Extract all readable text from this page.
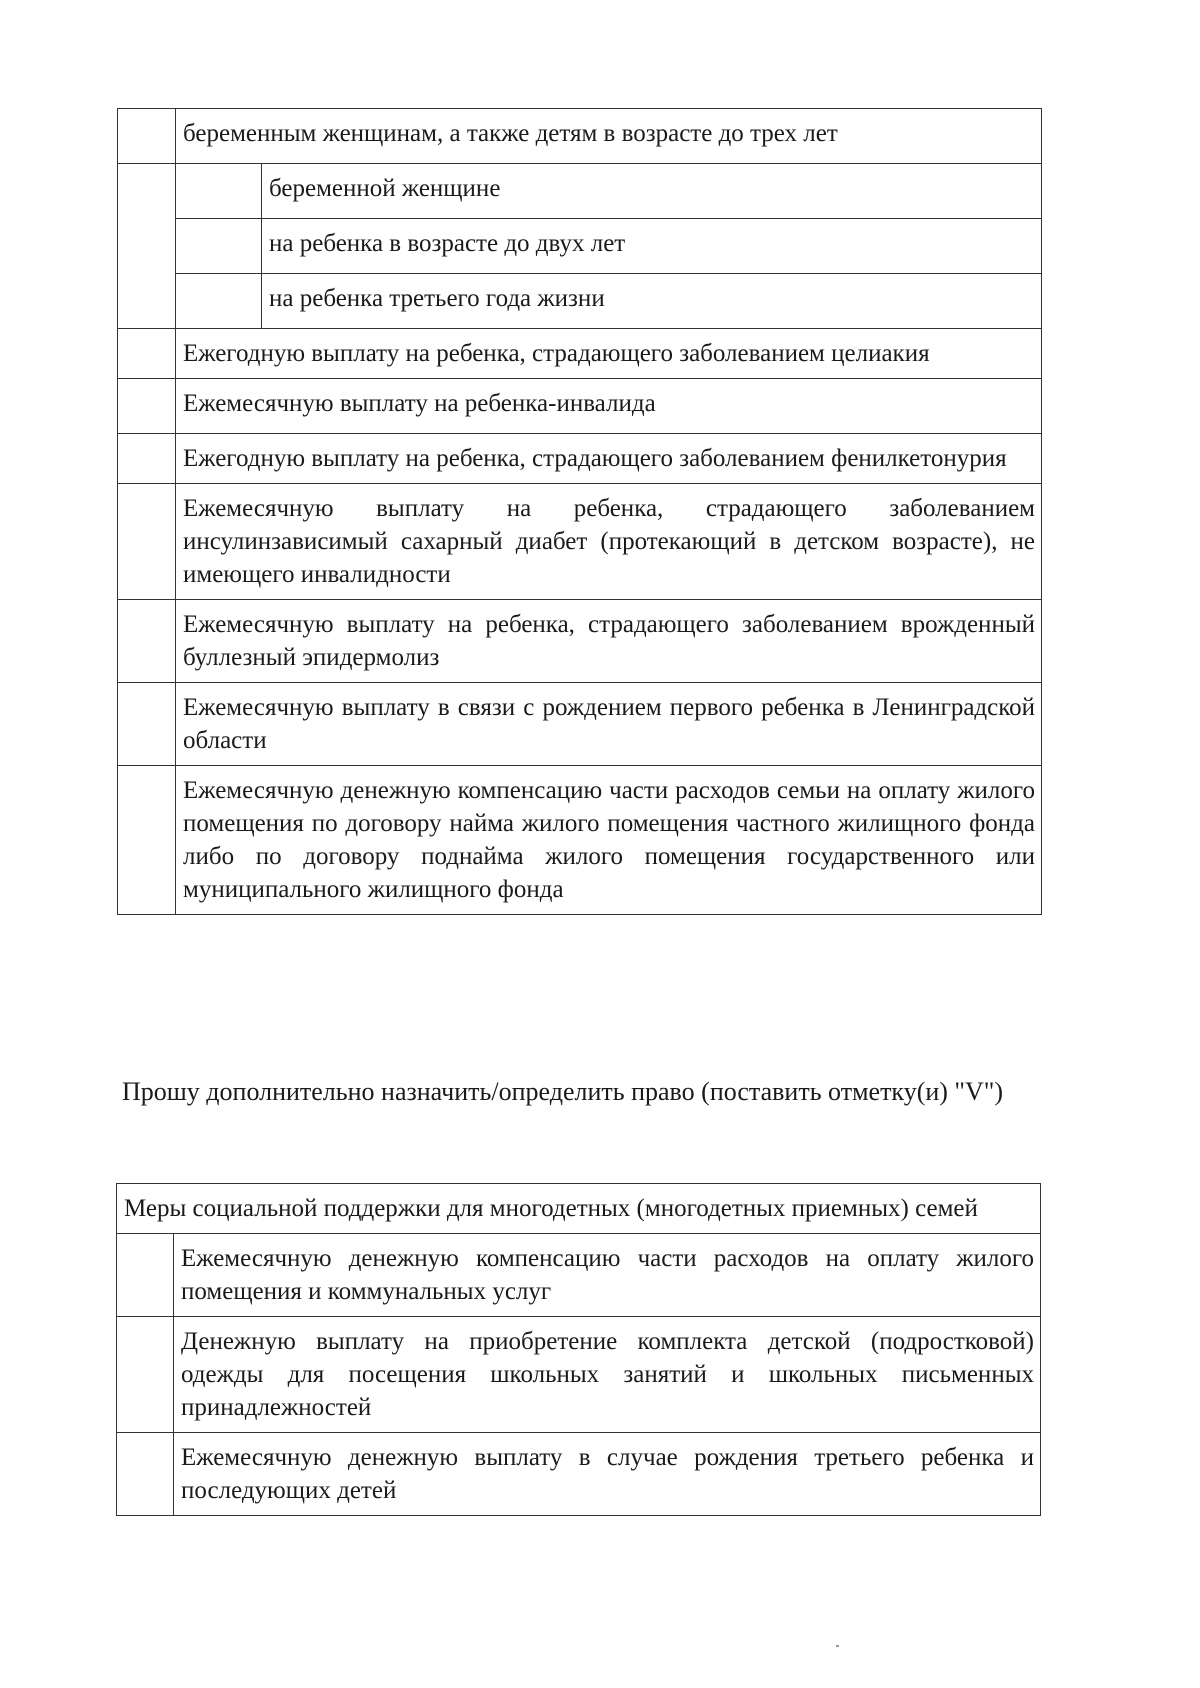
	беременным женщинам, а также детям в возрасте до трех лет	
		беременной женщине
		на ребенка в возрасте до двух лет
		на ребенка третьего года жизни
	Ежегодную выплату на ребенка, страдающего заболеванием целиакия	
	Ежемесячную выплату на ребенка-инвалида	
	Ежегодную выплату на ребенка, страдающего заболеванием фенилкетонурия	
	Ежемесячную выплату на ребенка, страдающего заболеванием инсулинзависимый сахарный диабет (протекающий в детском возрасте), не имеющего инвалидности	
	Ежемесячную выплату на ребенка, страдающего заболеванием врожденный буллезный эпидермолиз	
	Ежемесячную выплату в связи с рождением первого ребенка в Ленинградской области	
	Ежемесячную денежную компенсацию части расходов семьи на оплату жилого помещения по договору найма жилого помещения частного жилищного фонда либо по договору поднайма жилого помещения государственного или муниципального жилищного фонда	

Прошу дополнительно назначить/определить право (поставить отметку(и) "V")

Меры социальной поддержки для многодетных (многодетных приемных) семей	
	Ежемесячную денежную компенсацию части расходов на оплату жилого помещения и коммунальных услуг
	Денежную выплату на приобретение комплекта детской (подростковой) одежды для посещения школьных занятий и школьных письменных принадлежностей
	Ежемесячную денежную выплату в случае рождения третьего ребенка и последующих детей
